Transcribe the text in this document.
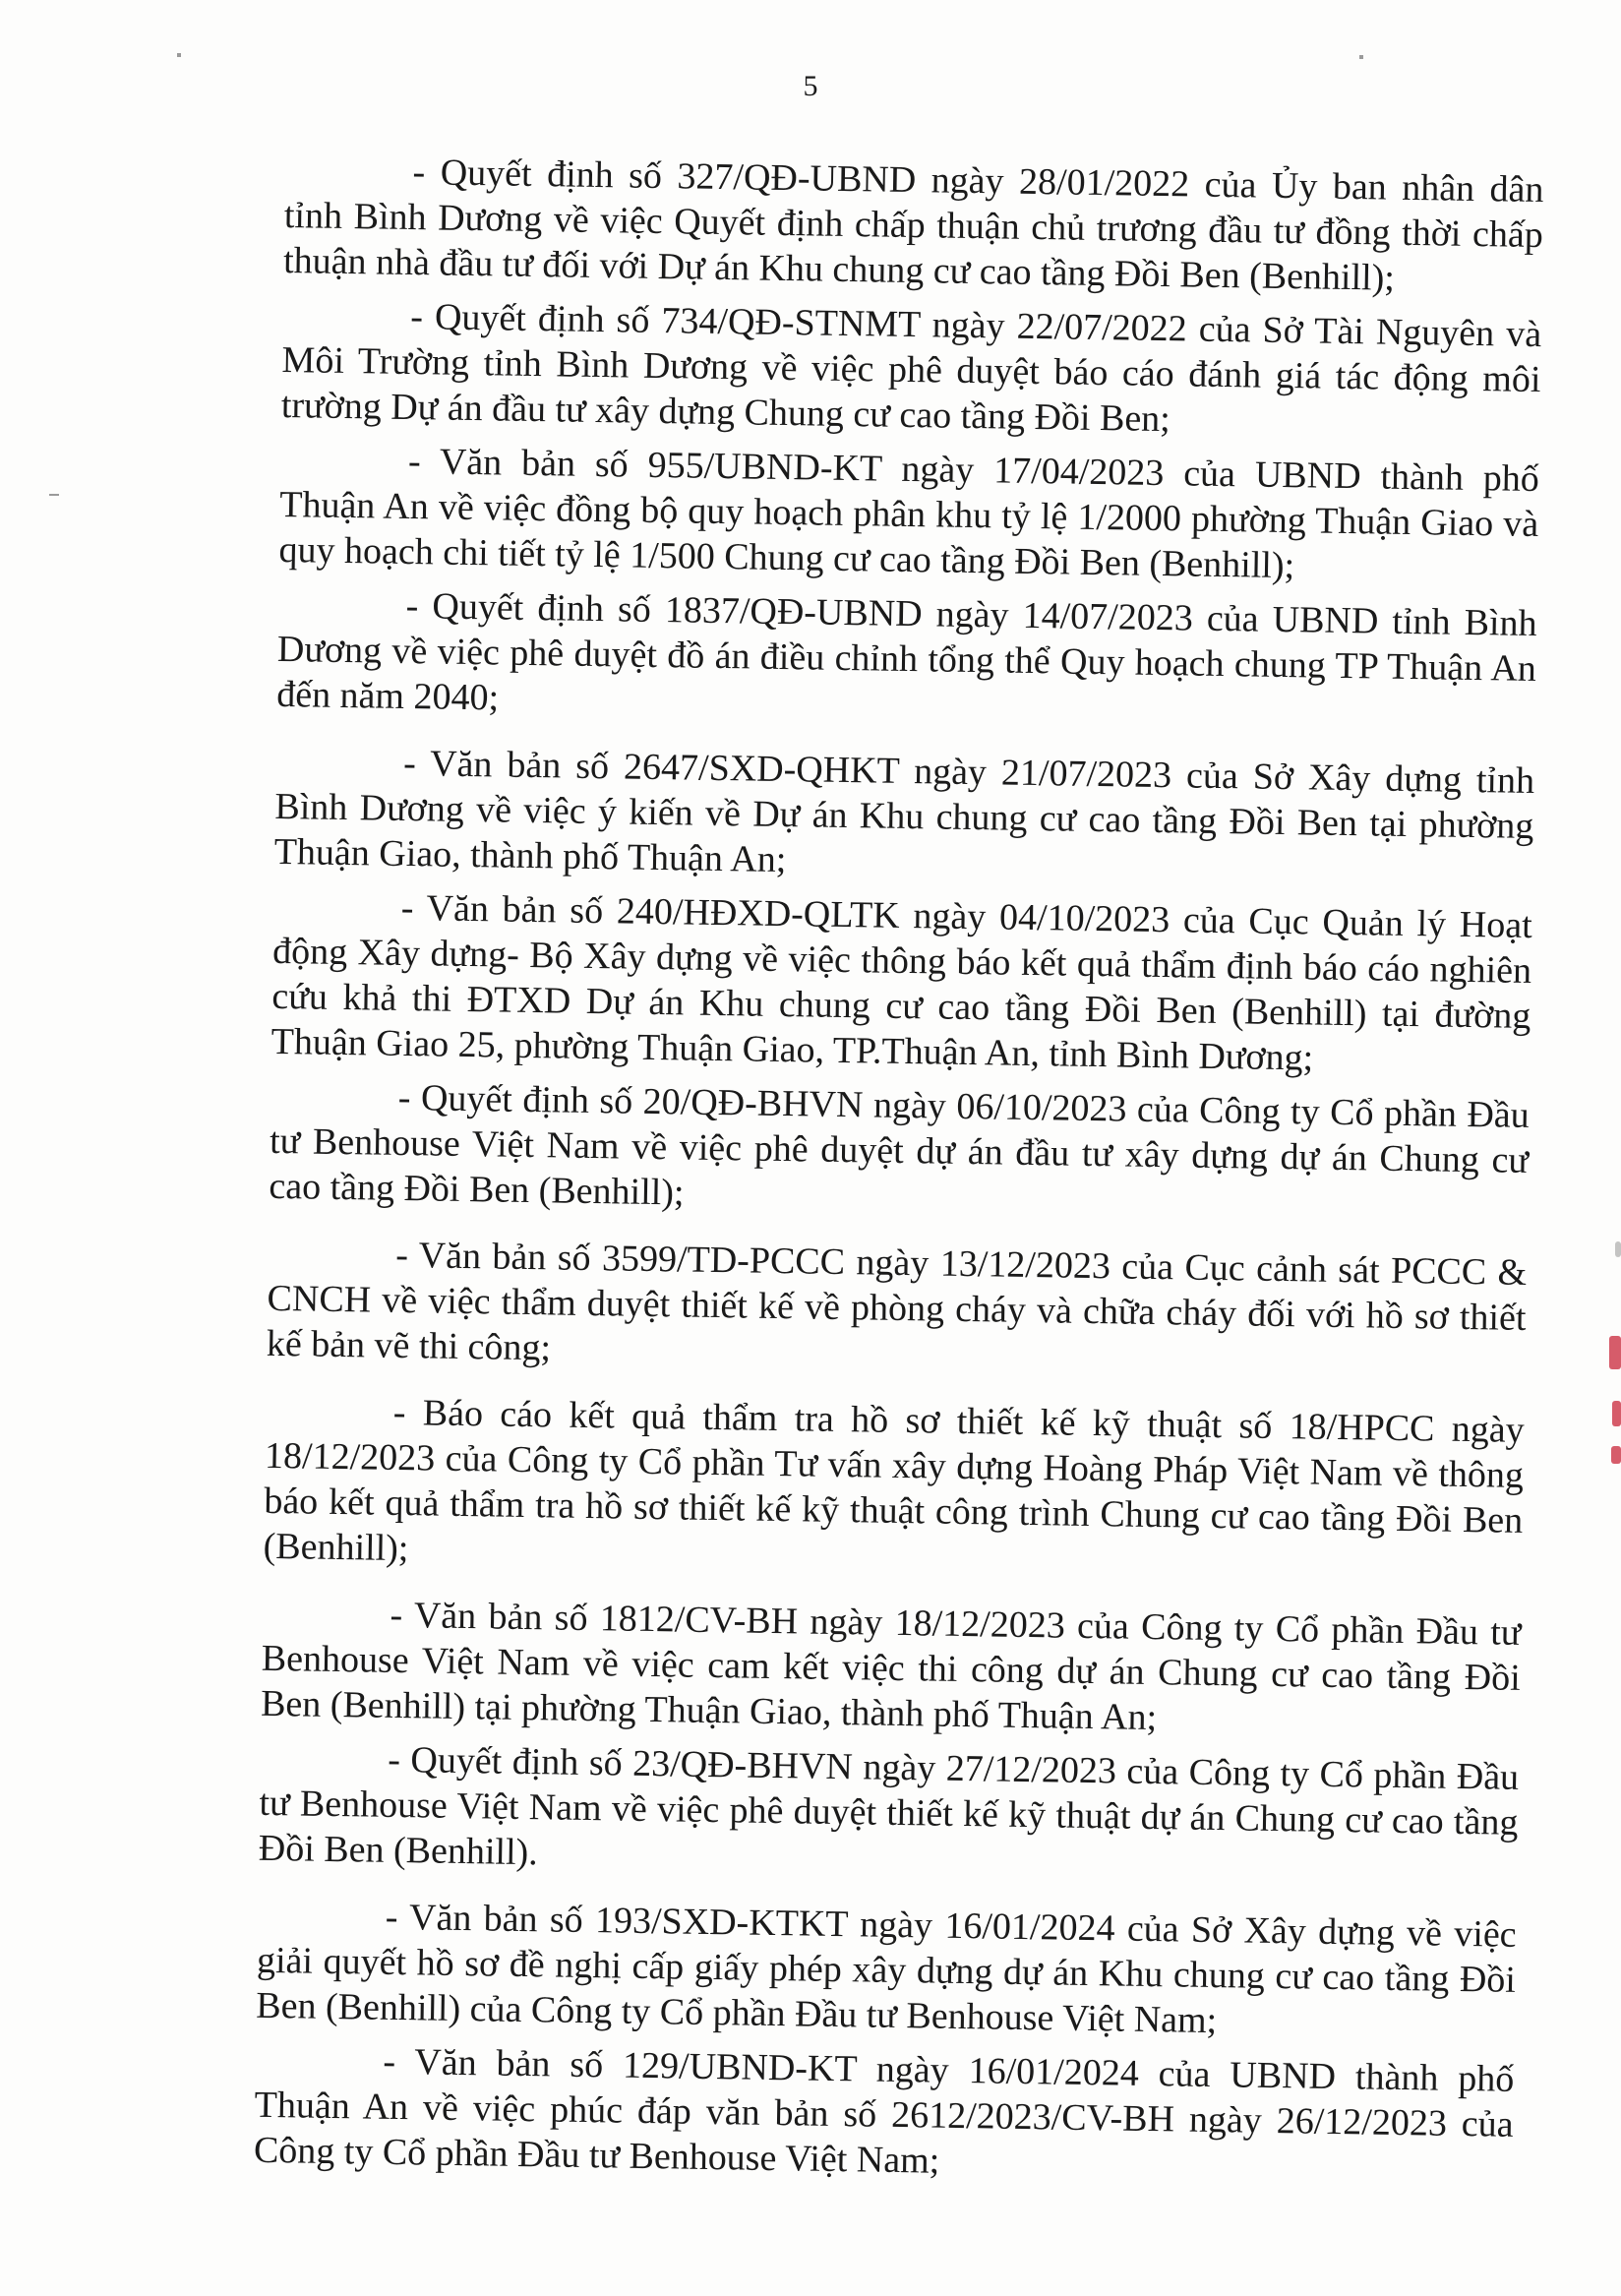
5

- Quyết định số 327/QĐ-UBND ngày 28/01/2022 của Ủy ban nhân dân tỉnh Bình Dương về việc Quyết định chấp thuận chủ trương đầu tư đồng thời chấp thuận nhà đầu tư đối với Dự án Khu chung cư cao tầng Đồi Ben (Benhill);

- Quyết định số 734/QĐ-STNMT ngày 22/07/2022 của Sở Tài Nguyên và Môi Trường tỉnh Bình Dương về việc phê duyệt báo cáo đánh giá tác động môi trường Dự án đầu tư xây dựng Chung cư cao tầng Đồi Ben;

- Văn bản số 955/UBND-KT ngày 17/04/2023 của UBND thành phố Thuận An về việc đồng bộ quy hoạch phân khu tỷ lệ 1/2000 phường Thuận Giao và quy hoạch chi tiết tỷ lệ 1/500 Chung cư cao tầng Đồi Ben (Benhill);

- Quyết định số 1837/QĐ-UBND ngày 14/07/2023 của UBND tỉnh Bình Dương về việc phê duyệt đồ án điều chỉnh tổng thể Quy hoạch chung TP Thuận An đến năm 2040;

- Văn bản số 2647/SXD-QHKT ngày 21/07/2023 của Sở Xây dựng tỉnh Bình Dương về việc ý kiến về Dự án Khu chung cư cao tầng Đồi Ben tại phường Thuận Giao, thành phố Thuận An;

- Văn bản số 240/HĐXD-QLTK ngày 04/10/2023 của Cục Quản lý Hoạt động Xây dựng- Bộ Xây dựng về việc thông báo kết quả thẩm định báo cáo nghiên cứu khả thi ĐTXD Dự án Khu chung cư cao tầng Đồi Ben (Benhill) tại đường Thuận Giao 25, phường Thuận Giao, TP.Thuận An, tỉnh Bình Dương;

- Quyết định số 20/QĐ-BHVN ngày 06/10/2023 của Công ty Cổ phần Đầu tư Benhouse Việt Nam về việc phê duyệt dự án đầu tư xây dựng dự án Chung cư cao tầng Đồi Ben (Benhill);

- Văn bản số 3599/TD-PCCC ngày 13/12/2023 của Cục cảnh sát PCCC & CNCH về việc thẩm duyệt thiết kế về phòng cháy và chữa cháy đối với hồ sơ thiết kế bản vẽ thi công;

- Báo cáo kết quả thẩm tra hồ sơ thiết kế kỹ thuật số 18/HPCC ngày 18/12/2023 của Công ty Cổ phần Tư vấn xây dựng Hoàng Pháp Việt Nam về thông báo kết quả thẩm tra hồ sơ thiết kế kỹ thuật công trình Chung cư cao tầng Đồi Ben (Benhill);

- Văn bản số 1812/CV-BH ngày 18/12/2023 của Công ty Cổ phần Đầu tư Benhouse Việt Nam về việc cam kết việc thi công dự án Chung cư cao tầng Đồi Ben (Benhill) tại phường Thuận Giao, thành phố Thuận An;

- Quyết định số 23/QĐ-BHVN ngày 27/12/2023 của Công ty Cổ phần Đầu tư Benhouse Việt Nam về việc phê duyệt thiết kế kỹ thuật dự án Chung cư cao tầng Đồi Ben (Benhill).

- Văn bản số 193/SXD-KTKT ngày 16/01/2024 của Sở Xây dựng về việc giải quyết hồ sơ đề nghị cấp giấy phép xây dựng dự án Khu chung cư cao tầng Đồi Ben (Benhill) của Công ty Cổ phần Đầu tư Benhouse Việt Nam;

- Văn bản số 129/UBND-KT ngày 16/01/2024 của UBND thành phố Thuận An về việc phúc đáp văn bản số 2612/2023/CV-BH ngày 26/12/2023 của Công ty Cổ phần Đầu tư Benhouse Việt Nam;
